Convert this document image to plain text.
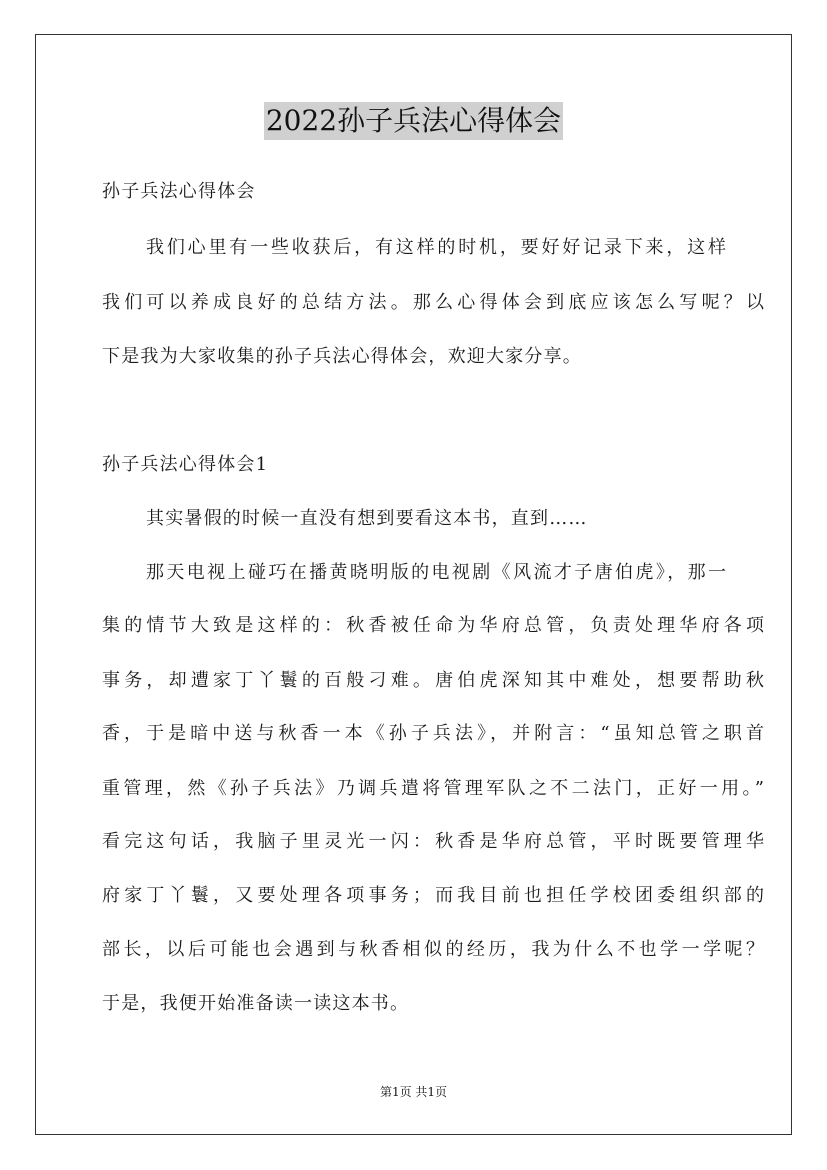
2022孙子兵法心得体会
孙子兵法心得体会
我们心里有一些收获后，有这样的时机，要好好记录下来，这样
我们可以养成良好的总结方法。那么心得体会到底应该怎么写呢？以
下是我为大家收集的孙子兵法心得体会，欢迎大家分享。
孙子兵法心得体会1
其实暑假的时候一直没有想到要看这本书，直到……
那天电视上碰巧在播黄晓明版的电视剧《风流才子唐伯虎》，那一
集的情节大致是这样的：秋香被任命为华府总管，负责处理华府各项
事务，却遭家丁丫鬟的百般刁难。唐伯虎深知其中难处，想要帮助秋
香，于是暗中送与秋香一本《孙子兵法》，并附言：“虽知总管之职首
重管理，然《孙子兵法》乃调兵遣将管理军队之不二法门，正好一用。”
看完这句话，我脑子里灵光一闪：秋香是华府总管，平时既要管理华
府家丁丫鬟，又要处理各项事务；而我目前也担任学校团委组织部的
部长，以后可能也会遇到与秋香相似的经历，我为什么不也学一学呢？
于是，我便开始准备读一读这本书。
第1页 共1页
